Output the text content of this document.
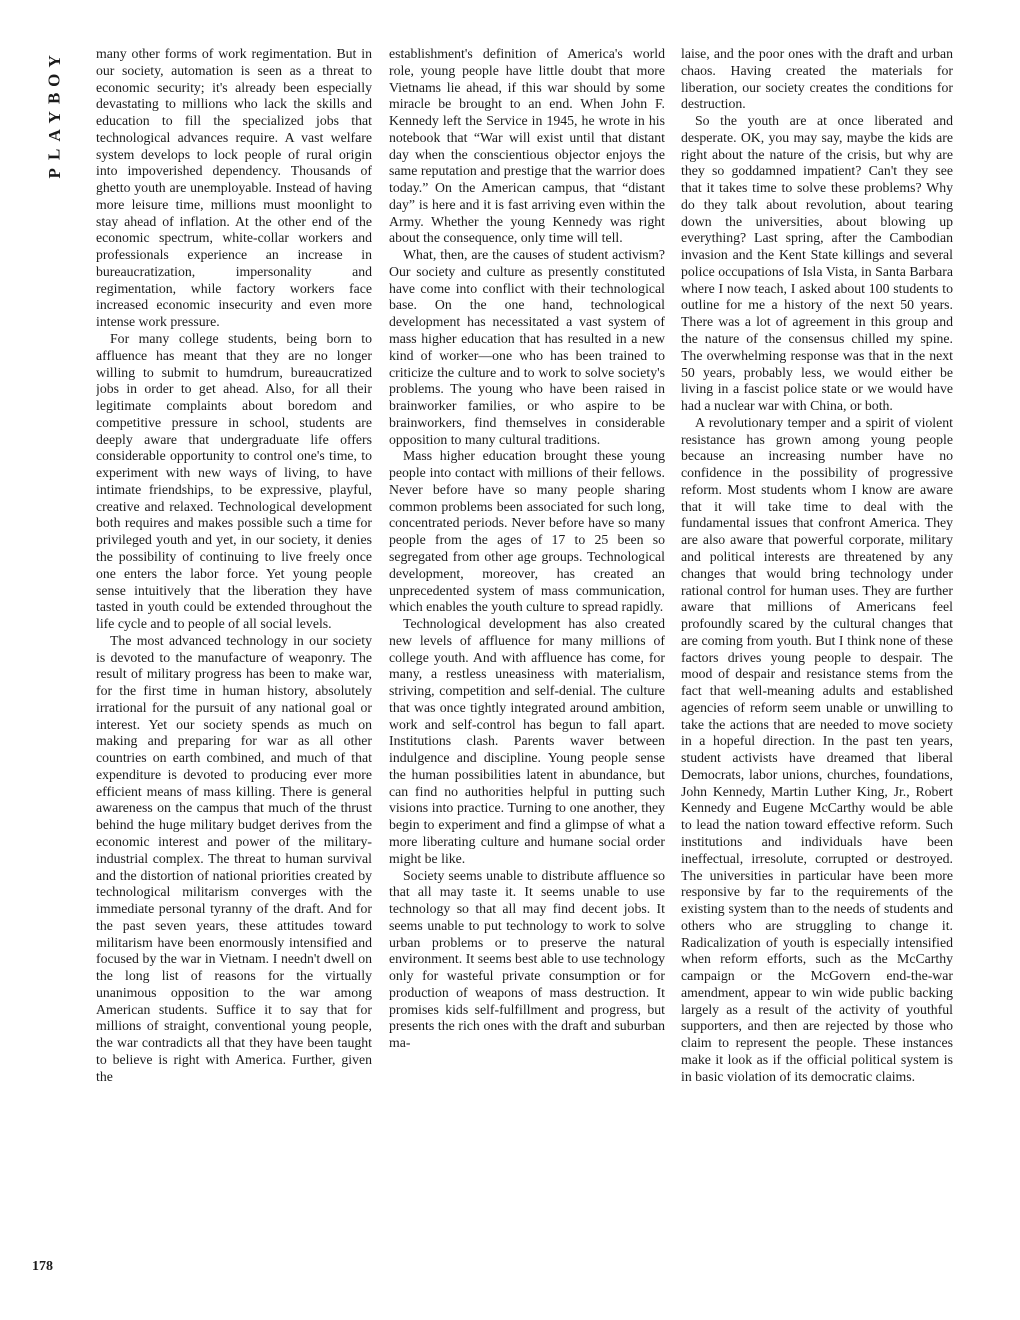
Y
O
B
Y
A
L
P
178

many other forms of work regimentation. But in our society, automation is seen as a threat to economic security; it's already been especially devastating to millions who lack the skills and education to fill the specialized jobs that technological advances require. A vast welfare system develops to lock people of rural origin into impoverished dependency. Thousands of ghetto youth are unemployable. Instead of having more leisure time, millions must moonlight to stay ahead of inflation. At the other end of the economic spectrum, white-collar workers and professionals experience an increase in bureaucratization, impersonality and regimentation, while factory workers face increased economic insecurity and even more intense work pressure.

For many college students, being born to affluence has meant that they are no longer willing to submit to humdrum, bureaucratized jobs in order to get ahead. Also, for all their legitimate complaints about boredom and competitive pressure in school, students are deeply aware that undergraduate life offers considerable opportunity to control one's time, to experiment with new ways of living, to have intimate friendships, to be expressive, playful, creative and relaxed. Technological development both requires and makes possible such a time for privileged youth and yet, in our society, it denies the possibility of continuing to live freely once one enters the labor force. Yet young people sense intuitively that the liberation they have tasted in youth could be extended throughout the life cycle and to people of all social levels.

The most advanced technology in our society is devoted to the manufacture of weaponry. The result of military progress has been to make war, for the first time in human history, absolutely irrational for the pursuit of any national goal or interest. Yet our society spends as much on making and preparing for war as all other countries on earth combined, and much of that expenditure is devoted to producing ever more efficient means of mass killing. There is general awareness on the campus that much of the thrust behind the huge military budget derives from the economic interest and power of the military-industrial complex. The threat to human survival and the distortion of national priorities created by technological militarism converges with the immediate personal tyranny of the draft. And for the past seven years, these attitudes toward militarism have been enormously intensified and focused by the war in Vietnam. I needn't dwell on the long list of reasons for the virtually unanimous opposition to the war among American students. Suffice it to say that for millions of straight, conventional young people, the war contradicts all that they have been taught to believe is right with America. Further, given the

establishment's definition of America's world role, young people have little doubt that more Vietnams lie ahead, if this war should by some miracle be brought to an end. When John F. Kennedy left the Service in 1945, he wrote in his notebook that “War will exist until that distant day when the conscientious objector enjoys the same reputation and prestige that the warrior does today.” On the American campus, that “distant day” is here and it is fast arriving even within the Army. Whether the young Kennedy was right about the consequence, only time will tell.

What, then, are the causes of student activism? Our society and culture as presently constituted have come into conflict with their technological base. On the one hand, technological development has necessitated a vast system of mass higher education that has resulted in a new kind of worker—one who has been trained to criticize the culture and to work to solve society's problems. The young who have been raised in brainworker families, or who aspire to be brainworkers, find themselves in considerable opposition to many cultural traditions.

Mass higher education brought these young people into contact with millions of their fellows. Never before have so many people sharing common problems been associated for such long, concentrated periods. Never before have so many people from the ages of 17 to 25 been so segregated from other age groups. Technological development, moreover, has created an unprecedented system of mass communication, which enables the youth culture to spread rapidly.

Technological development has also created new levels of affluence for many millions of college youth. And with affluence has come, for many, a restless uneasiness with materialism, striving, competition and self-denial. The culture that was once tightly integrated around ambition, work and self-control has begun to fall apart. Institutions clash. Parents waver between indulgence and discipline. Young people sense the human possibilities latent in abundance, but can find no authorities helpful in putting such visions into practice. Turning to one another, they begin to experiment and find a glimpse of what a more liberating culture and humane social order might be like.

Society seems unable to distribute affluence so that all may taste it. It seems unable to use technology so that all may find decent jobs. It seems unable to put technology to work to solve urban problems or to preserve the natural environment. It seems best able to use technology only for wasteful private consumption or for production of weapons of mass destruction. It promises kids self-fulfillment and progress, but presents the rich ones with the draft and suburban ma-

laise, and the poor ones with the draft and urban chaos. Having created the materials for liberation, our society creates the conditions for destruction.

So the youth are at once liberated and desperate. OK, you may say, maybe the kids are right about the nature of the crisis, but why are they so goddamned impatient? Can't they see that it takes time to solve these problems? Why do they talk about revolution, about tearing down the universities, about blowing up everything? Last spring, after the Cambodian invasion and the Kent State killings and several police occupations of Isla Vista, in Santa Barbara where I now teach, I asked about 100 students to outline for me a history of the next 50 years. There was a lot of agreement in this group and the nature of the consensus chilled my spine. The overwhelming response was that in the next 50 years, probably less, we would either be living in a fascist police state or we would have had a nuclear war with China, or both.

A revolutionary temper and a spirit of violent resistance has grown among young people because an increasing number have no confidence in the possibility of progressive reform. Most students whom I know are aware that it will take time to deal with the fundamental issues that confront America. They are also aware that powerful corporate, military and political interests are threatened by any changes that would bring technology under rational control for human uses. They are further aware that millions of Americans feel profoundly scared by the cultural changes that are coming from youth. But I think none of these factors drives young people to despair. The mood of despair and resistance stems from the fact that well-meaning adults and established agencies of reform seem unable or unwilling to take the actions that are needed to move society in a hopeful direction. In the past ten years, student activists have dreamed that liberal Democrats, labor unions, churches, foundations, John Kennedy, Martin Luther King, Jr., Robert Kennedy and Eugene McCarthy would be able to lead the nation toward effective reform. Such institutions and individuals have been ineffectual, irresolute, corrupted or destroyed. The universities in particular have been more responsive by far to the requirements of the existing system than to the needs of students and others who are struggling to change it. Radicalization of youth is especially intensified when reform efforts, such as the McCarthy campaign or the McGovern end-the-war amendment, appear to win wide public backing largely as a result of the activity of youthful supporters, and then are rejected by those who claim to represent the people. These instances make it look as if the official political system is in basic violation of its democratic claims.
